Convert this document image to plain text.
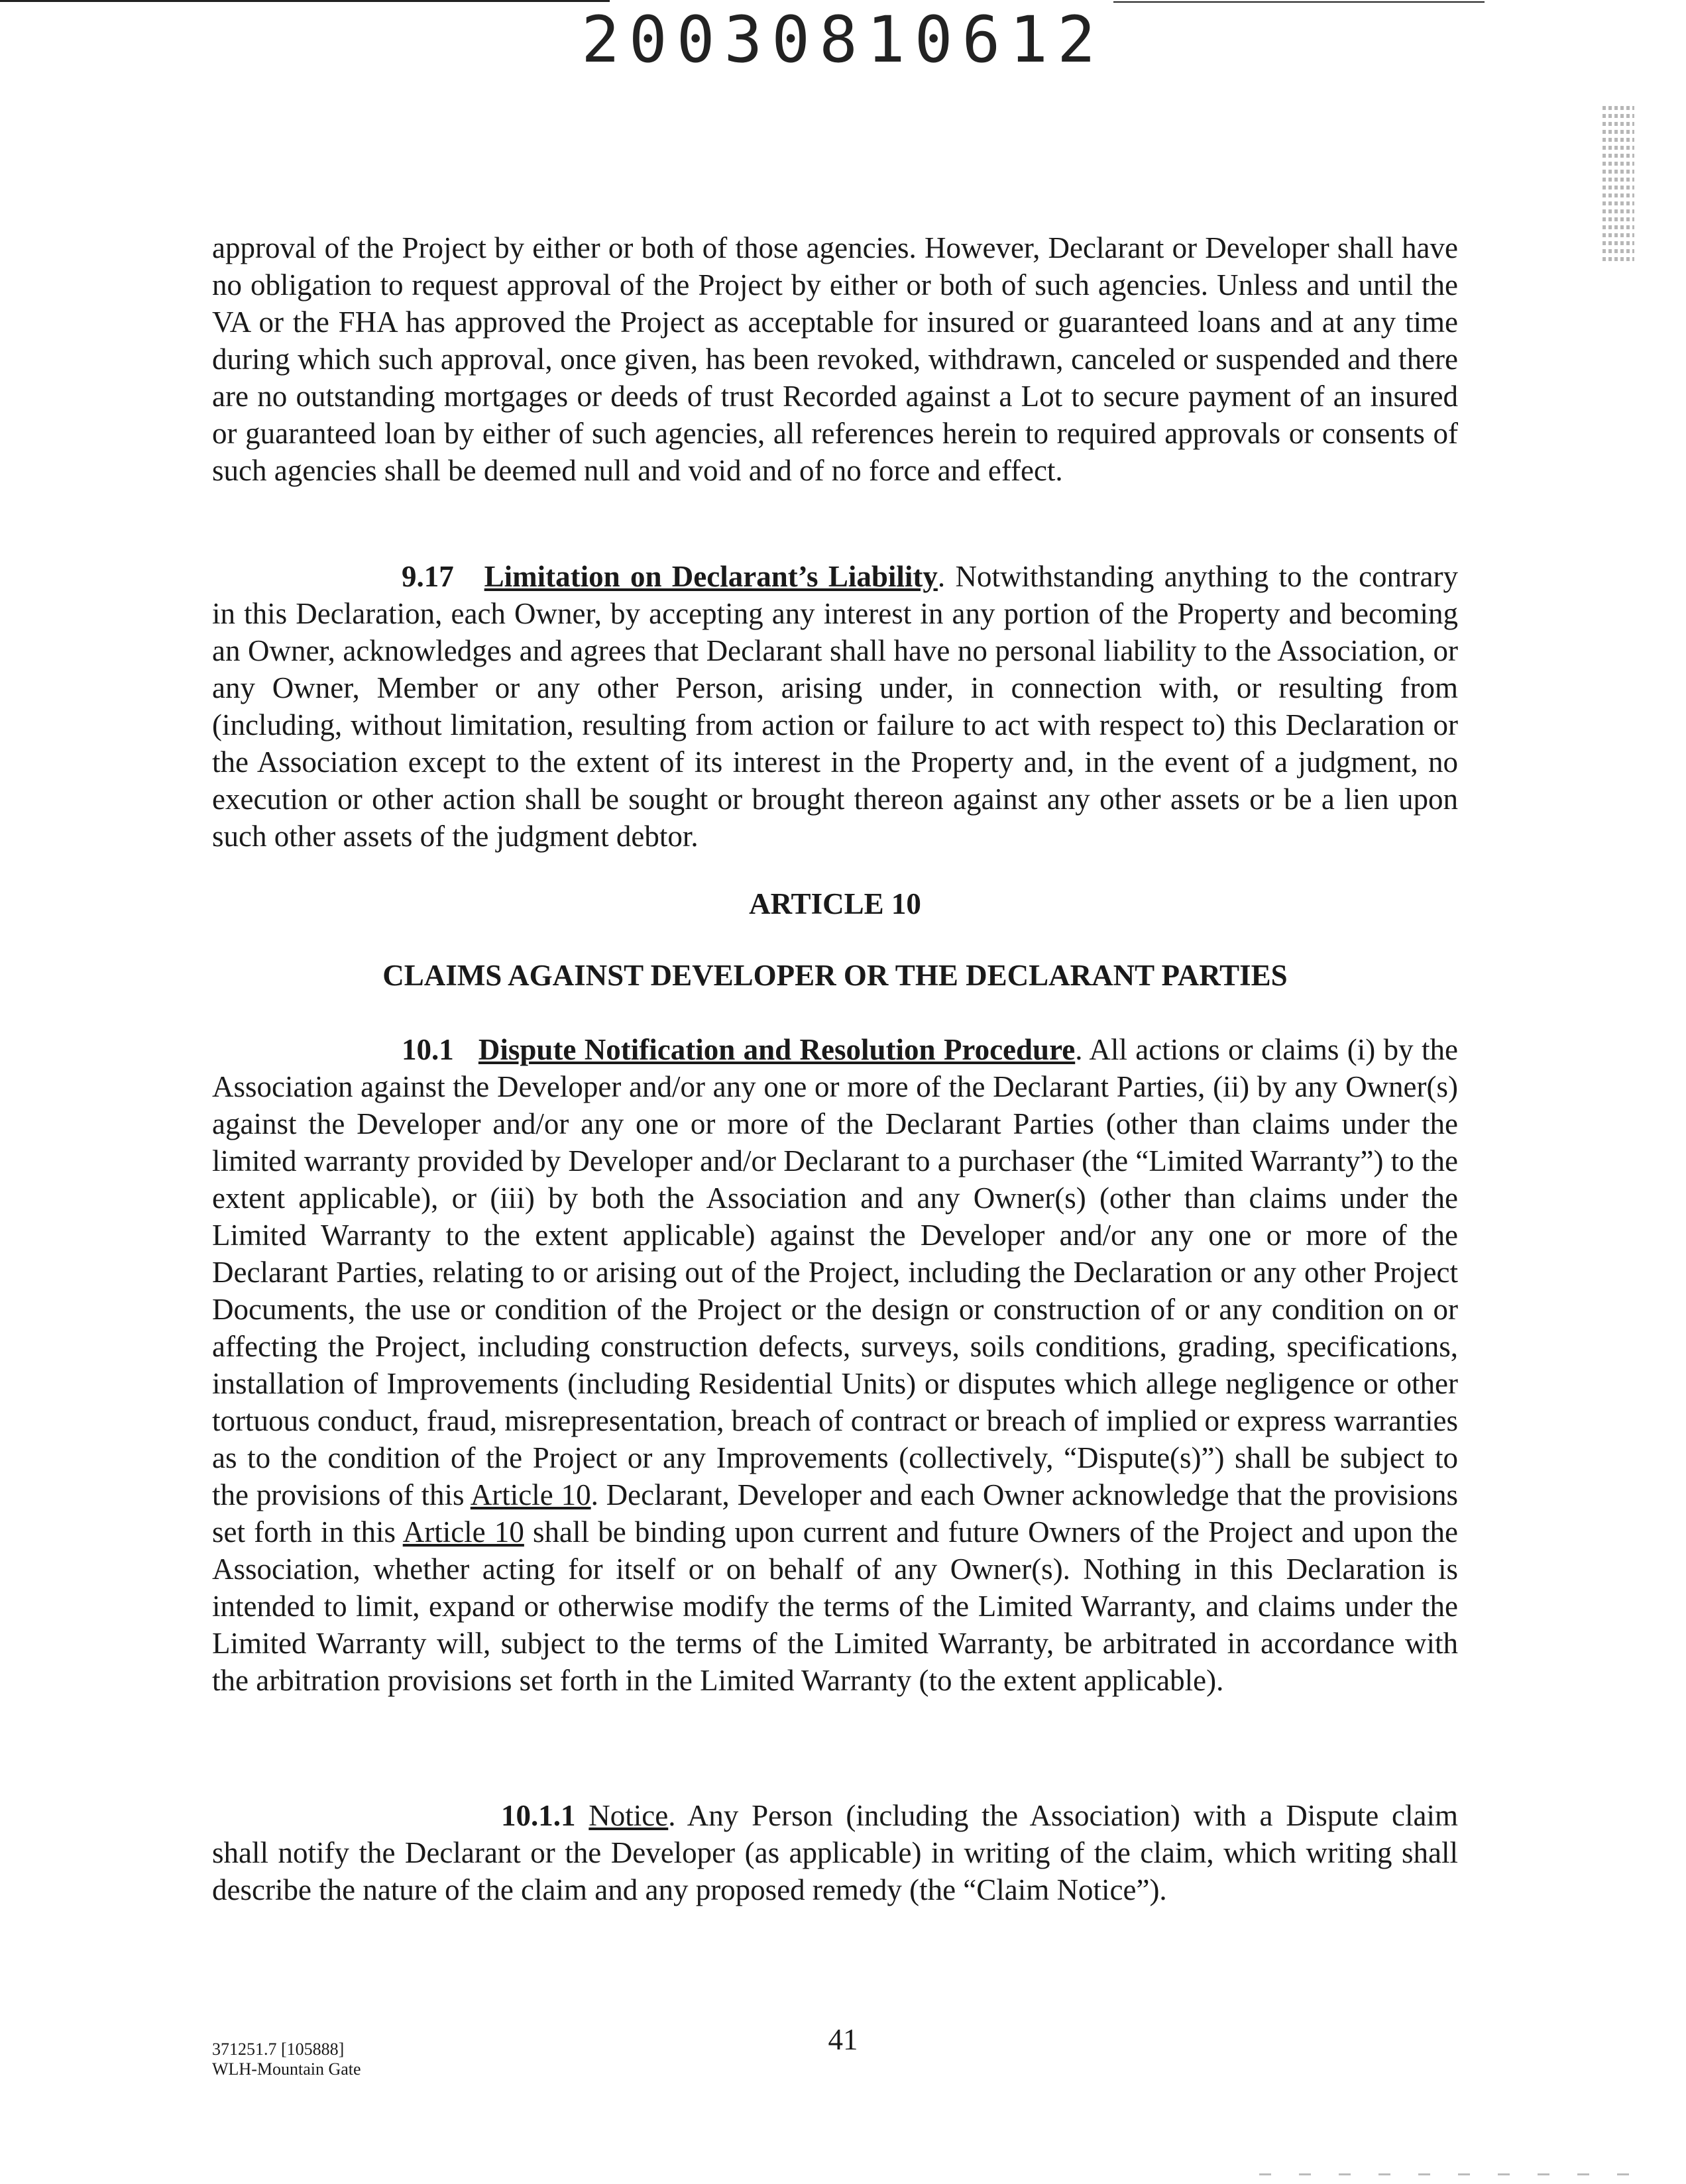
20030810612

approval of the Project by either or both of those agencies. However, Declarant or Developer shall have no obligation to request approval of the Project by either or both of such agencies. Unless and until the VA or the FHA has approved the Project as acceptable for insured or guaranteed loans and at any time during which such approval, once given, has been revoked, withdrawn, canceled or suspended and there are no outstanding mortgages or deeds of trust Recorded against a Lot to secure payment of an insured or guaranteed loan by either of such agencies, all references herein to required approvals or consents of such agencies shall be deemed null and void and of no force and effect.

9.17 Limitation on Declarant’s Liability. Notwithstanding anything to the contrary in this Declaration, each Owner, by accepting any interest in any portion of the Property and becoming an Owner, acknowledges and agrees that Declarant shall have no personal liability to the Association, or any Owner, Member or any other Person, arising under, in connection with, or resulting from (including, without limitation, resulting from action or failure to act with respect to) this Declaration or the Association except to the extent of its interest in the Property and, in the event of a judgment, no execution or other action shall be sought or brought thereon against any other assets or be a lien upon such other assets of the judgment debtor.

ARTICLE 10

CLAIMS AGAINST DEVELOPER OR THE DECLARANT PARTIES

10.1 Dispute Notification and Resolution Procedure. All actions or claims (i) by the Association against the Developer and/or any one or more of the Declarant Parties, (ii) by any Owner(s) against the Developer and/or any one or more of the Declarant Parties (other than claims under the limited warranty provided by Developer and/or Declarant to a purchaser (the “Limited Warranty”) to the extent applicable), or (iii) by both the Association and any Owner(s) (other than claims under the Limited Warranty to the extent applicable) against the Developer and/or any one or more of the Declarant Parties, relating to or arising out of the Project, including the Declaration or any other Project Documents, the use or condition of the Project or the design or construction of or any condition on or affecting the Project, including construction defects, surveys, soils conditions, grading, specifications, installation of Improvements (including Residential Units) or disputes which allege negligence or other tortuous conduct, fraud, misrepresentation, breach of contract or breach of implied or express warranties as to the condition of the Project or any Improvements (collectively, “Dispute(s)”) shall be subject to the provisions of this Article 10. Declarant, Developer and each Owner acknowledge that the provisions set forth in this Article 10 shall be binding upon current and future Owners of the Project and upon the Association, whether acting for itself or on behalf of any Owner(s). Nothing in this Declaration is intended to limit, expand or otherwise modify the terms of the Limited Warranty, and claims under the Limited Warranty will, subject to the terms of the Limited Warranty, be arbitrated in accordance with the arbitration provisions set forth in the Limited Warranty (to the extent applicable).

10.1.1 Notice. Any Person (including the Association) with a Dispute claim shall notify the Declarant or the Developer (as applicable) in writing of the claim, which writing shall describe the nature of the claim and any proposed remedy (the “Claim Notice”).

371251.7 [105888]
WLH-Mountain Gate
41
